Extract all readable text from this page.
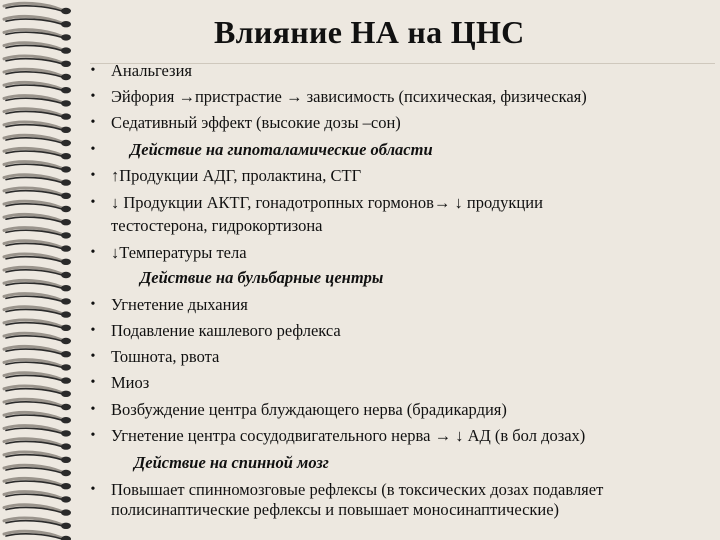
Влияние НА на ЦНС
• Анальгезия
• Эйфория →пристрастие → зависимость (психическая, физическая)
• Седативный эффект (высокие дозы –сон)
• Действие на гипоталамические области
• ↑Продукции АДГ, пролактина, СТГ
• ↓ Продукции АКТГ, гонадотропных гормонов→ ↓ продукции
тестостерона, гидрокортизона
• ↓Температуры тела
Действие на бульбарные центры
• Угнетение дыхания
• Подавление кашлевого рефлекса
• Тошнота, рвота
• Миоз
• Возбуждение центра блуждающего нерва (брадикардия)
• Угнетение центра сосудодвигательного нерва → ↓ АД (в бол дозах)
Действие на спинной мозг
• Повышает спинномозговые рефлексы (в токсических дозах подавляет
полисинаптические рефлексы и повышает моносинаптические)
